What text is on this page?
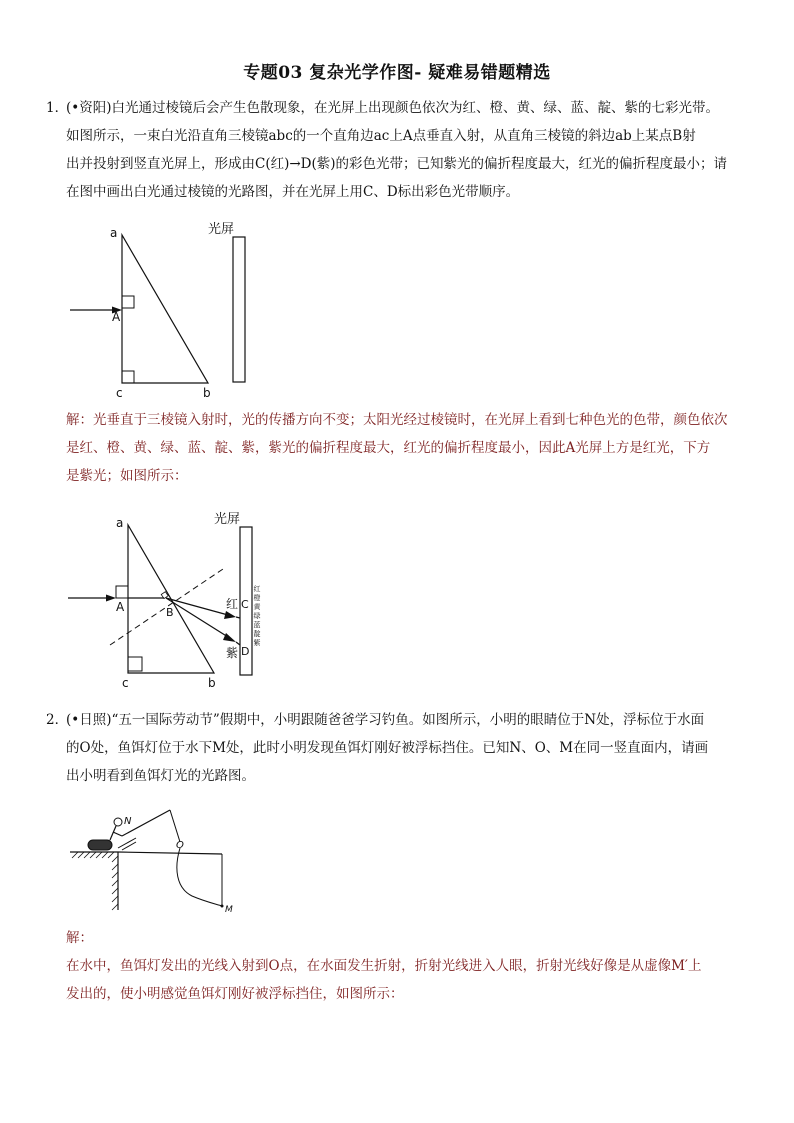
专题03 复杂光学作图- 疑难易错题精选
1．
(•资阳)白光通过棱镜后会产生色散现象，在光屏上出现颜色依次为红、橙、黄、绿、蓝、靛、紫的七彩光带。
如图所示，一束白光沿直角三棱镜abc的一个直角边ac上A点垂直入射，从直角三棱镜的斜边ab上某点B射
出并投射到竖直光屏上，形成由C(红)→D(紫)的彩色光带；已知紫光的偏折程度最大，红光的偏折程度最小；请
在图中画出白光通过棱镜的光路图，并在光屏上用C、D标出彩色光带顺序。
a
A
c	b
光屏
解：光垂直于三棱镜入射时，光的传播方向不变；太阳光经过棱镜时，在光屏上看到七种色光的色带，颜色依次
是红、橙、黄、绿、蓝、靛、紫，紫光的偏折程度最大，红光的偏折程度最小，因此A光屏上方是红光，下方
是紫光；如图所示：
a
A	B
c	b
光屏
红
紫
C
D
红橙黄绿蓝靛紫
2．
(•日照)“五一国际劳动节”假期中，小明跟随爸爸学习钓鱼。如图所示，小明的眼睛位于N处，浮标位于水面
的O处，鱼饵灯位于水下M处，此时小明发现鱼饵灯刚好被浮标挡住。已知N、O、M在同一竖直面内，请画
出小明看到鱼饵灯光的光路图。
N
O
M
解：
在水中，鱼饵灯发出的光线入射到O点，在水面发生折射，折射光线进入人眼，折射光线好像是从虚像M′上
发出的，使小明感觉鱼饵灯刚好被浮标挡住，如图所示：
